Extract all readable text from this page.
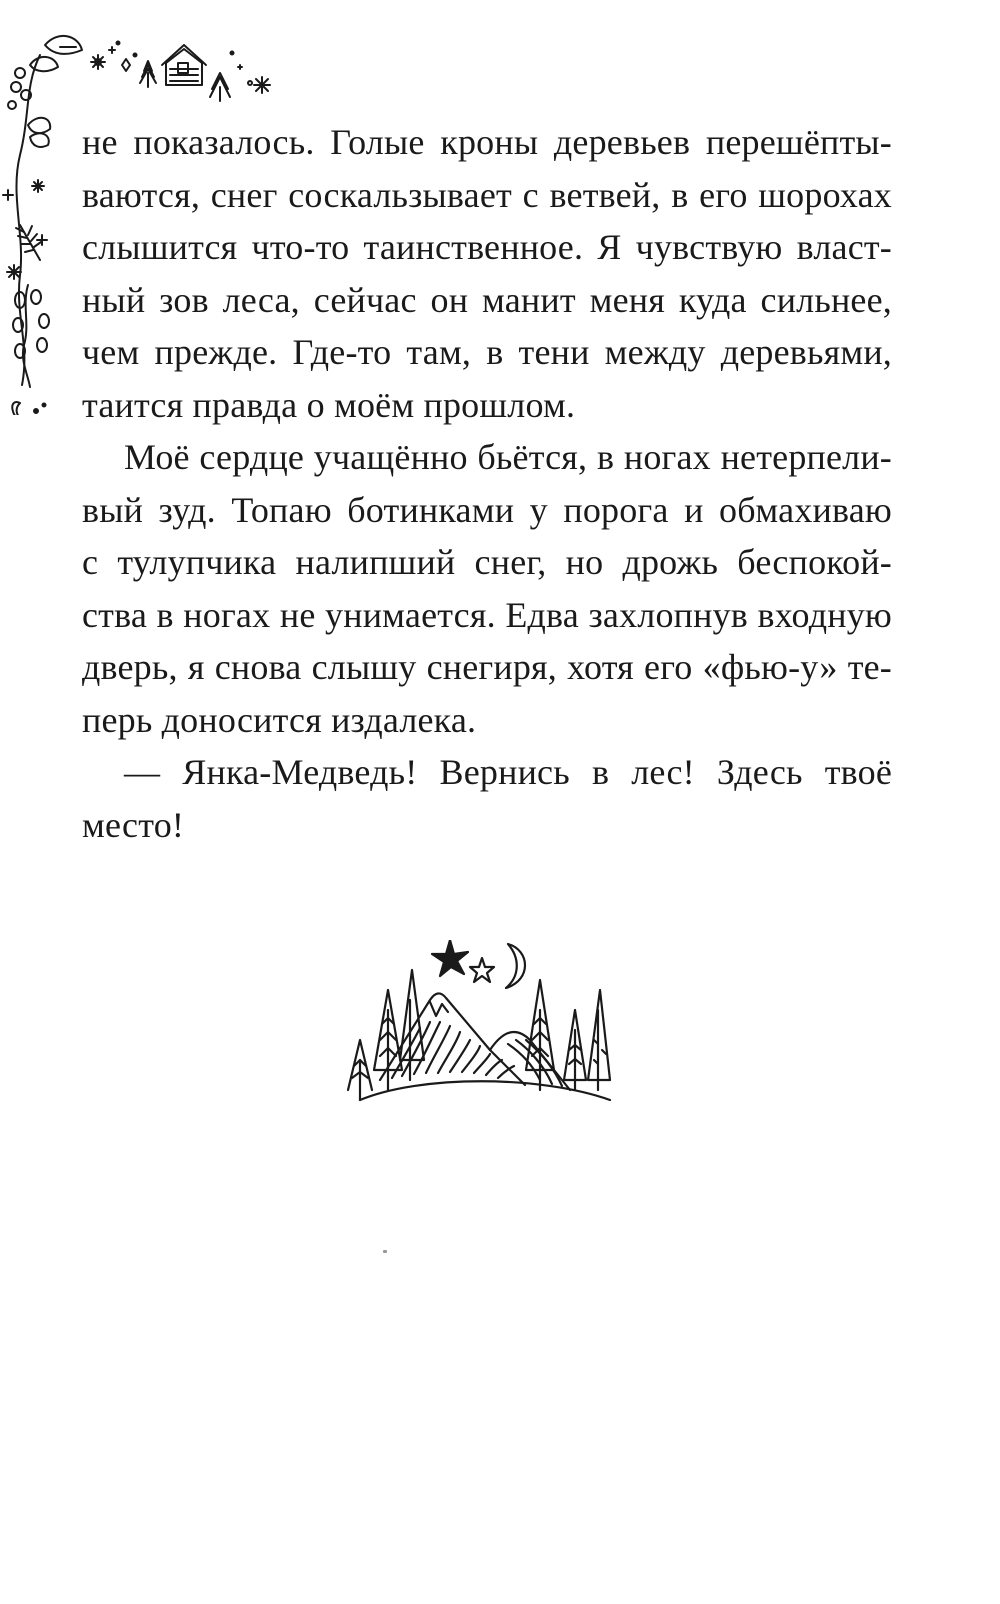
не показалось. Голые кроны деревьев перешёпты-
ваются, снег соскальзывает с ветвей, в его шорохах
слышится что-то таинственное. Я чувствую власт-
ный зов леса, сейчас он манит меня куда сильнее,
чем прежде. Где-то там, в тени между деревьями,
таится правда о моём прошлом.
Моё сердце учащённо бьётся, в ногах нетерпели-
вый зуд. Топаю ботинками у порога и обмахиваю
с тулупчика налипший снег, но дрожь беспокой-
ства в ногах не унимается. Едва захлопнув входную
дверь, я снова слышу снегиря, хотя его «фью-у» те-
перь доносится издалека.
— Янка-Медведь! Вернись в лес! Здесь твоё
место!
